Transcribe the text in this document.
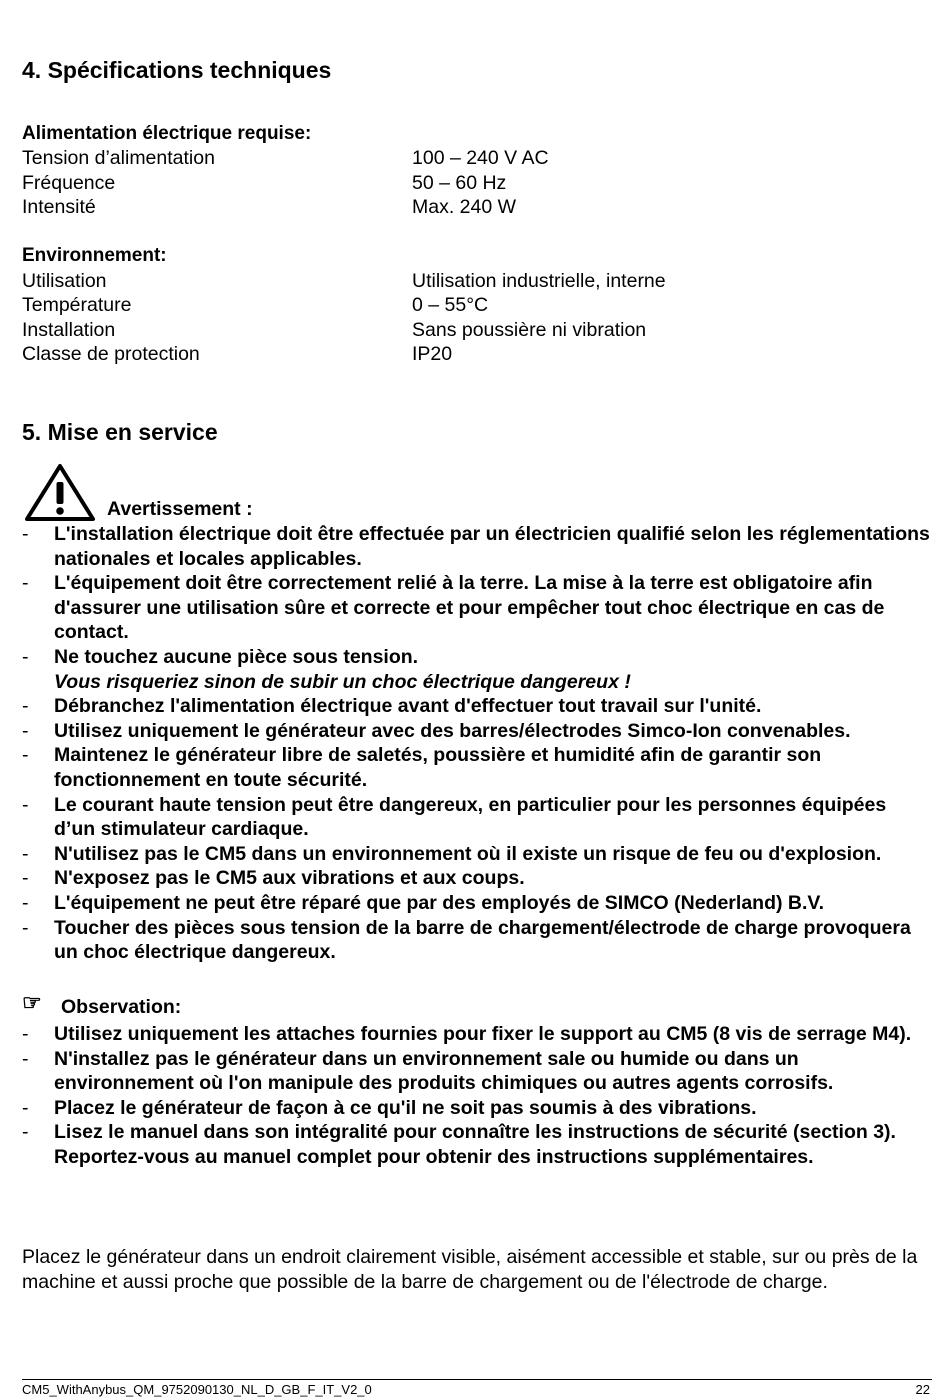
4. Spécifications techniques
Alimentation électrique requise:
Tension d’alimentation	100 – 240 V AC
Fréquence	50 – 60 Hz
Intensité	Max. 240 W
Environnement:
Utilisation	Utilisation industrielle, interne
Température	0 – 55°C
Installation	Sans poussière ni vibration
Classe de protection	IP20
5. Mise en service
Avertissement :
- L'installation électrique doit être effectuée par un électricien qualifié selon les réglementations nationales et locales applicables.
- L'équipement doit être correctement relié à la terre. La mise à la terre est obligatoire afin d'assurer une utilisation sûre et correcte et pour empêcher tout choc électrique en cas de contact.
- Ne touchez aucune pièce sous tension.
Vous risqueriez sinon de subir un choc électrique dangereux !
- Débranchez l'alimentation électrique avant d'effectuer tout travail sur l'unité.
- Utilisez uniquement le générateur avec des barres/électrodes Simco-Ion convenables.
- Maintenez le générateur libre de saletés, poussière et humidité afin de garantir son fonctionnement en toute sécurité.
- Le courant haute tension peut être dangereux, en particulier pour les personnes équipées d’un stimulateur cardiaque.
- N'utilisez pas le CM5 dans un environnement où il existe un risque de feu ou d'explosion.
- N'exposez pas le CM5 aux vibrations et aux coups.
- L'équipement ne peut être réparé que par des employés de SIMCO (Nederland) B.V.
- Toucher des pièces sous tension de la barre de chargement/électrode de charge provoquera un choc électrique dangereux.
☞ Observation:
- Utilisez uniquement les attaches fournies pour fixer le support au CM5 (8 vis de serrage M4).
- N'installez pas le générateur dans un environnement sale ou humide ou dans un environnement où l'on manipule des produits chimiques ou autres agents corrosifs.
- Placez le générateur de façon à ce qu'il ne soit pas soumis à des vibrations.
- Lisez le manuel dans son intégralité pour connaître les instructions de sécurité (section 3). Reportez-vous au manuel complet pour obtenir des instructions supplémentaires.

Placez le générateur dans un endroit clairement visible, aisément accessible et stable, sur ou près de la machine et aussi proche que possible de la barre de chargement ou de l'électrode de charge.

CM5_WithAnybus_QM_9752090130_NL_D_GB_F_IT_V2_0	22
